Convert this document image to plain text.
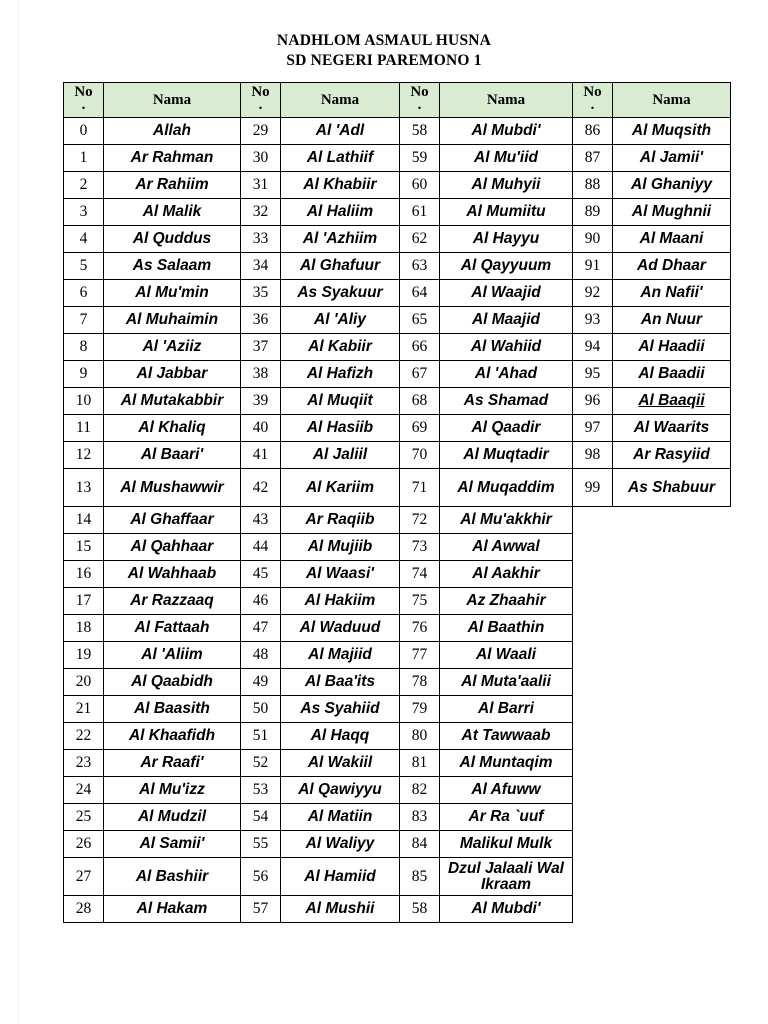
NADHLOM ASMAUL HUSNA
SD NEGERI PAREMONO 1
No
.	Nama	No
.	Nama	No
.	Nama	No
.	Nama
0	Allah	29	Al 'Adl	58	Al Mubdi'	86	Al Muqsith
1	Ar Rahman	30	Al Lathiif	59	Al Mu'iid	87	Al Jamii'
2	Ar Rahiim	31	Al Khabiir	60	Al Muhyii	88	Al Ghaniyy
3	Al Malik	32	Al Haliim	61	Al Mumiitu	89	Al Mughnii
4	Al Quddus	33	Al 'Azhiim	62	Al Hayyu	90	Al Maani
5	As Salaam	34	Al Ghafuur	63	Al Qayyuum	91	Ad Dhaar
6	Al Mu'min	35	As Syakuur	64	Al Waajid	92	An Nafii'
7	Al Muhaimin	36	Al 'Aliy	65	Al Maajid	93	An Nuur
8	Al 'Aziiz	37	Al Kabiir	66	Al Wahiid	94	Al Haadii
9	Al Jabbar	38	Al Hafizh	67	Al 'Ahad	95	Al Baadii
10	Al Mutakabbir	39	Al Muqiit	68	As Shamad	96	Al Baaqii
11	Al Khaliq	40	Al Hasiib	69	Al Qaadir	97	Al Waarits
12	Al Baari'	41	Al Jaliil	70	Al Muqtadir	98	Ar Rasyiid
13	Al Mushawwir	42	Al Kariim	71	Al Muqaddim	99	As Shabuur
14	Al Ghaffaar	43	Ar Raqiib	72	Al Mu'akkhir		
15	Al Qahhaar	44	Al Mujiib	73	Al Awwal		
16	Al Wahhaab	45	Al Waasi'	74	Al Aakhir		
17	Ar Razzaaq	46	Al Hakiim	75	Az Zhaahir		
18	Al Fattaah	47	Al Waduud	76	Al Baathin		
19	Al 'Aliim	48	Al Majiid	77	Al Waali		
20	Al Qaabidh	49	Al Baa'its	78	Al Muta'aalii		
21	Al Baasith	50	As Syahiid	79	Al Barri		
22	Al Khaafidh	51	Al Haqq	80	At Tawwaab		
23	Ar Raafi'	52	Al Wakiil	81	Al Muntaqim		
24	Al Mu'izz	53	Al Qawiyyu	82	Al Afuww		
25	Al Mudzil	54	Al Matiin	83	Ar Ra `uuf		
26	Al Samii'	55	Al Waliyy	84	Malikul Mulk		
27	Al Bashiir	56	Al Hamiid	85	Dzul Jalaali Wal Ikraam		
28	Al Hakam	57	Al Mushii	58	Al Mubdi'		
